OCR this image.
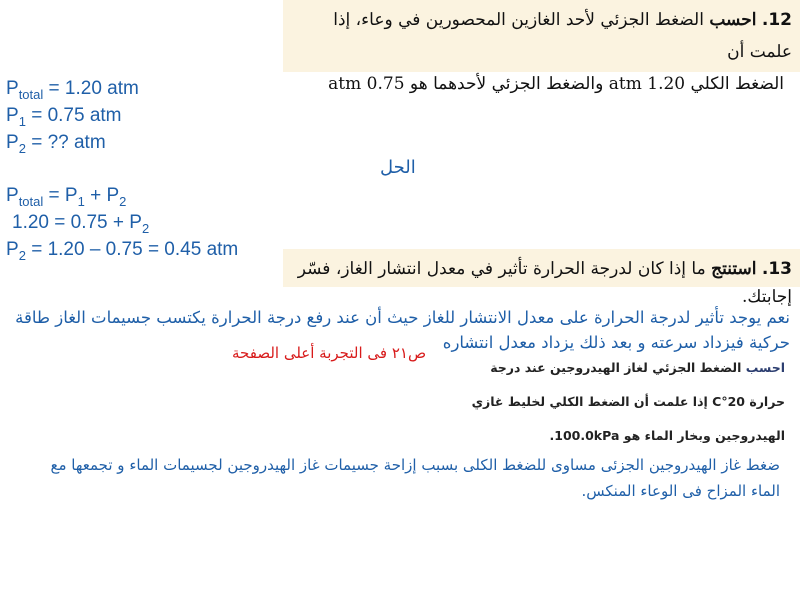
12. احسب الضغط الجزئي لأحد الغازين المحصورين في وعاء، إذا علمت أن
الضغط الكلي 1.20 atm والضغط الجزئي لأحدهما هو 0.75 atm
$P_{total} = 1.20$ atm
$P_1 = 0.75$ atm
$P_2$ = ?? atm
الحل
$P_{total} = P_1 + P_2$
$1.20 = 0.75 + P_2$
$P_2 = 1.20 - 0.75 = 0.45$ atm
13. استنتج ما إذا كان لدرجة الحرارة تأثير في معدل انتشار الغاز، فسّر إجابتك.
نعم يوجد تأثير لدرجة الحرارة على معدل الانتشار للغاز حيث أن عند رفع درجة الحرارة يكتسب جسيمات الغاز طاقة حركية فيزداد سرعته و بعد ذلك يزداد معدل انتشاره
ص٢١ فى التجربة أعلى الصفحة
احسب الضغط الجزئي لغاز الهيدروجين عند درجة
حرارة 20°C إذا علمت أن الضغط الكلي لخليط غازي
الهيدروجين وبخار الماء هو 100.0kPa.
ضغط غاز الهيدروجين الجزئى مساوى للضغط الكلى بسبب إزاحة جسيمات غاز الهيدروجين لجسيمات الماء و تجمعها مع الماء المزاح فى الوعاء المنكس.
